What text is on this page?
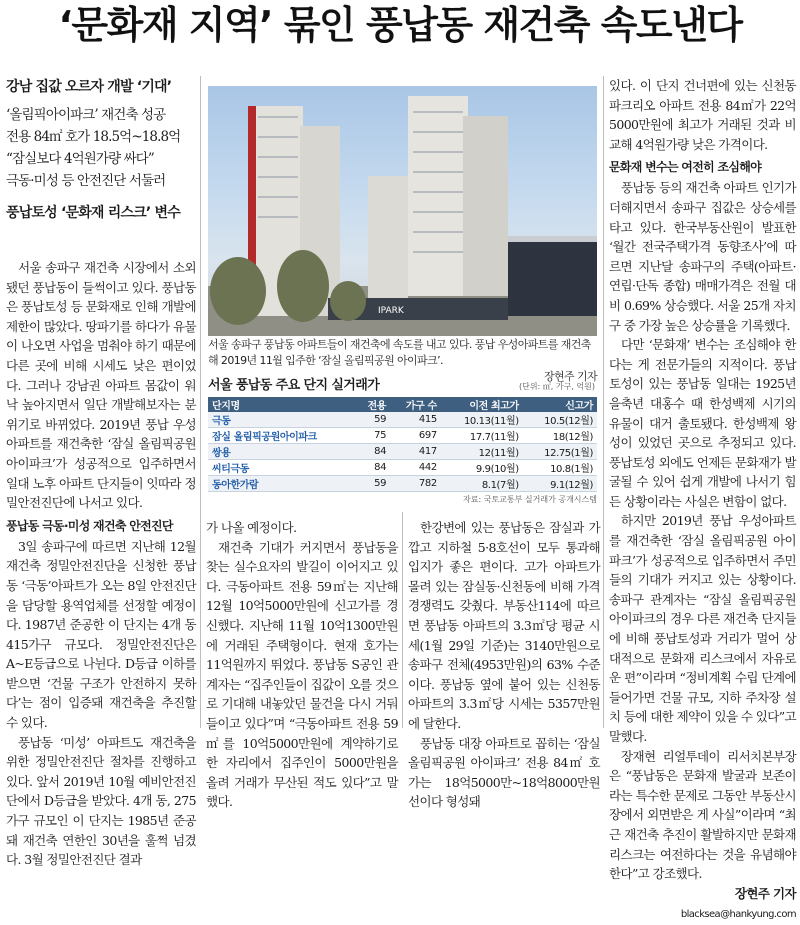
‘문화재 지역’ 묶인 풍납동 재건축 속도낸다

강남 집값 오르자 개발 ‘기대’

‘올림픽아이파크’ 재건축 성공

전용 84㎡ 호가 18.5억~18.8억

“잠실보다 4억원가량 싸다”

극동·미성 등 안전진단 서둘러

풍납토성 ‘문화재 리스크’ 변수

서울 송파구 재건축 시장에서 소외됐던 풍납동이 들썩이고 있다. 풍납동은 풍납토성 등 문화재로 인해 개발에 제한이 많았다. 땅파기를 하다가 유물이 나오면 사업을 멈춰야 하기 때문에 다른 곳에 비해 시세도 낮은 편이었다. 그러나 강남권 아파트 몸값이 워낙 높아지면서 일단 개발해보자는 분위기로 바뀌었다. 2019년 풍납 우성아파트를 재건축한 ‘잠실 올림픽공원 아이파크’가 성공적으로 입주하면서 일대 노후 아파트 단지들이 잇따라 정밀안전진단에 나서고 있다.

풍납동 극동·미성 재건축 안전진단

3일 송파구에 따르면 지난해 12월 재건축 정밀안전진단을 신청한 풍납동 ‘극동’아파트가 오는 8일 안전진단을 담당할 용역업체를 선정할 예정이다. 1987년 준공한 이 단지는 4개 동 415가구 규모다. 정밀안전진단은 A~E등급으로 나뉜다. D등급 이하를 받으면 ‘건물 구조가 안전하지 못하다’는 점이 입증돼 재건축을 추진할 수 있다.

풍납동 ‘미성’ 아파트도 재건축을 위한 정밀안전진단 절차를 진행하고 있다. 앞서 2019년 10월 예비안전진단에서 D등급을 받았다. 4개 동, 275가구 규모인 이 단지는 1985년 준공돼 재건축 연한인 30년을 훌쩍 넘겼다. 3월 정밀안전진단 결과

IPARK
서울 송파구 풍납동 아파트들이 재건축에 속도를 내고 있다. 풍납 우성아파트를 재건축해 2019년 11월 입주한 ‘잠실 올림픽공원 아이파크’.
장현주 기자
서울 풍납동 주요 단지 실거래가	(단위: ㎡, 가구, 억원)
단지명	전용	가구 수	이전 최고가	신고가
극동	59	415	10.13(11월)	10.5(12월)
잠실 올림픽공원아이파크	75	697	17.7(11월)	18(12월)
쌍용	84	417	12(11월)	12.75(1월)
씨티극동	84	442	9.9(10월)	10.8(1월)
동아한가람	59	782	8.1(7월)	9.1(12월)
자료: 국토교통부 실거래가 공개시스템

가 나올 예정이다.

재건축 기대가 커지면서 풍납동을 찾는 실수요자의 발길이 이어지고 있다. 극동아파트 전용 59㎡는 지난해 12월 10억5000만원에 신고가를 경신했다. 지난해 11월 10억1300만원에 거래된 주택형이다. 현재 호가는 11억원까지 뛰었다. 풍납동 S공인 관계자는 “집주인들이 집값이 오를 것으로 기대해 내놓았던 물건을 다시 거둬들이고 있다”며 “극동아파트 전용 59㎡를 10억5000만원에 계약하기로 한 자리에서 집주인이 5000만원을 올려 거래가 무산된 적도 있다”고 말했다.

한강변에 있는 풍납동은 잠실과 가깝고 지하철 5·8호선이 모두 통과해 입지가 좋은 편이다. 고가 아파트가 몰려 있는 잠실동·신천동에 비해 가격 경쟁력도 갖췄다. 부동산114에 따르면 풍납동 아파트의 3.3㎡당 평균 시세(1월 29일 기준)는 3140만원으로 송파구 전체(4953만원)의 63% 수준이다. 풍납동 옆에 붙어 있는 신천동 아파트의 3.3㎡당 시세는 5357만원에 달한다.

풍납동 대장 아파트로 꼽히는 ‘잠실 올림픽공원 아이파크’ 전용 84㎡ 호가는 18억5000만~18억8000만원 선이다 형성돼

있다. 이 단지 건너편에 있는 신천동 파크리오 아파트 전용 84㎡가 22억5000만원에 최고가 거래된 것과 비교해 4억원가량 낮은 가격이다.

문화재 변수는 여전히 조심해야

풍납동 등의 재건축 아파트 인기가 더해지면서 송파구 집값은 상승세를 타고 있다. 한국부동산원이 발표한 ‘월간 전국주택가격 동향조사’에 따르면 지난달 송파구의 주택(아파트·연립·단독 종합) 매매가격은 전월 대비 0.69% 상승했다. 서울 25개 자치구 중 가장 높은 상승률을 기록했다.

다만 ‘문화재’ 변수는 조심해야 한다는 게 전문가들의 지적이다. 풍납토성이 있는 풍납동 일대는 1925년 을축년 대홍수 때 한성백제 시기의 유물이 대거 출토됐다. 한성백제 왕성이 있었던 곳으로 추정되고 있다. 풍납토성 외에도 언제든 문화재가 발굴될 수 있어 쉽게 개발에 나서기 힘든 상황이라는 사실은 변함이 없다.

하지만 2019년 풍납 우성아파트를 재건축한 ‘잠실 올림픽공원 아이파크’가 성공적으로 입주하면서 주민들의 기대가 커지고 있는 상황이다. 송파구 관계자는 “잠실 올림픽공원 아이파크의 경우 다른 재건축 단지들에 비해 풍납토성과 거리가 멀어 상대적으로 문화재 리스크에서 자유로운 편”이라며 “정비계획 수립 단계에 들어가면 건물 규모, 지하 주차장 설치 등에 대한 제약이 있을 수 있다”고 말했다.

장재현 리얼투데이 리서치본부장은 “풍납동은 문화재 발굴과 보존이라는 특수한 문제로 그동안 부동산시장에서 외면받은 게 사실”이라며 “최근 재건축 추진이 활발하지만 문화재 리스크는 여전하다는 것을 유념해야 한다”고 강조했다.

장현주 기자 blacksea@hankyung.com
